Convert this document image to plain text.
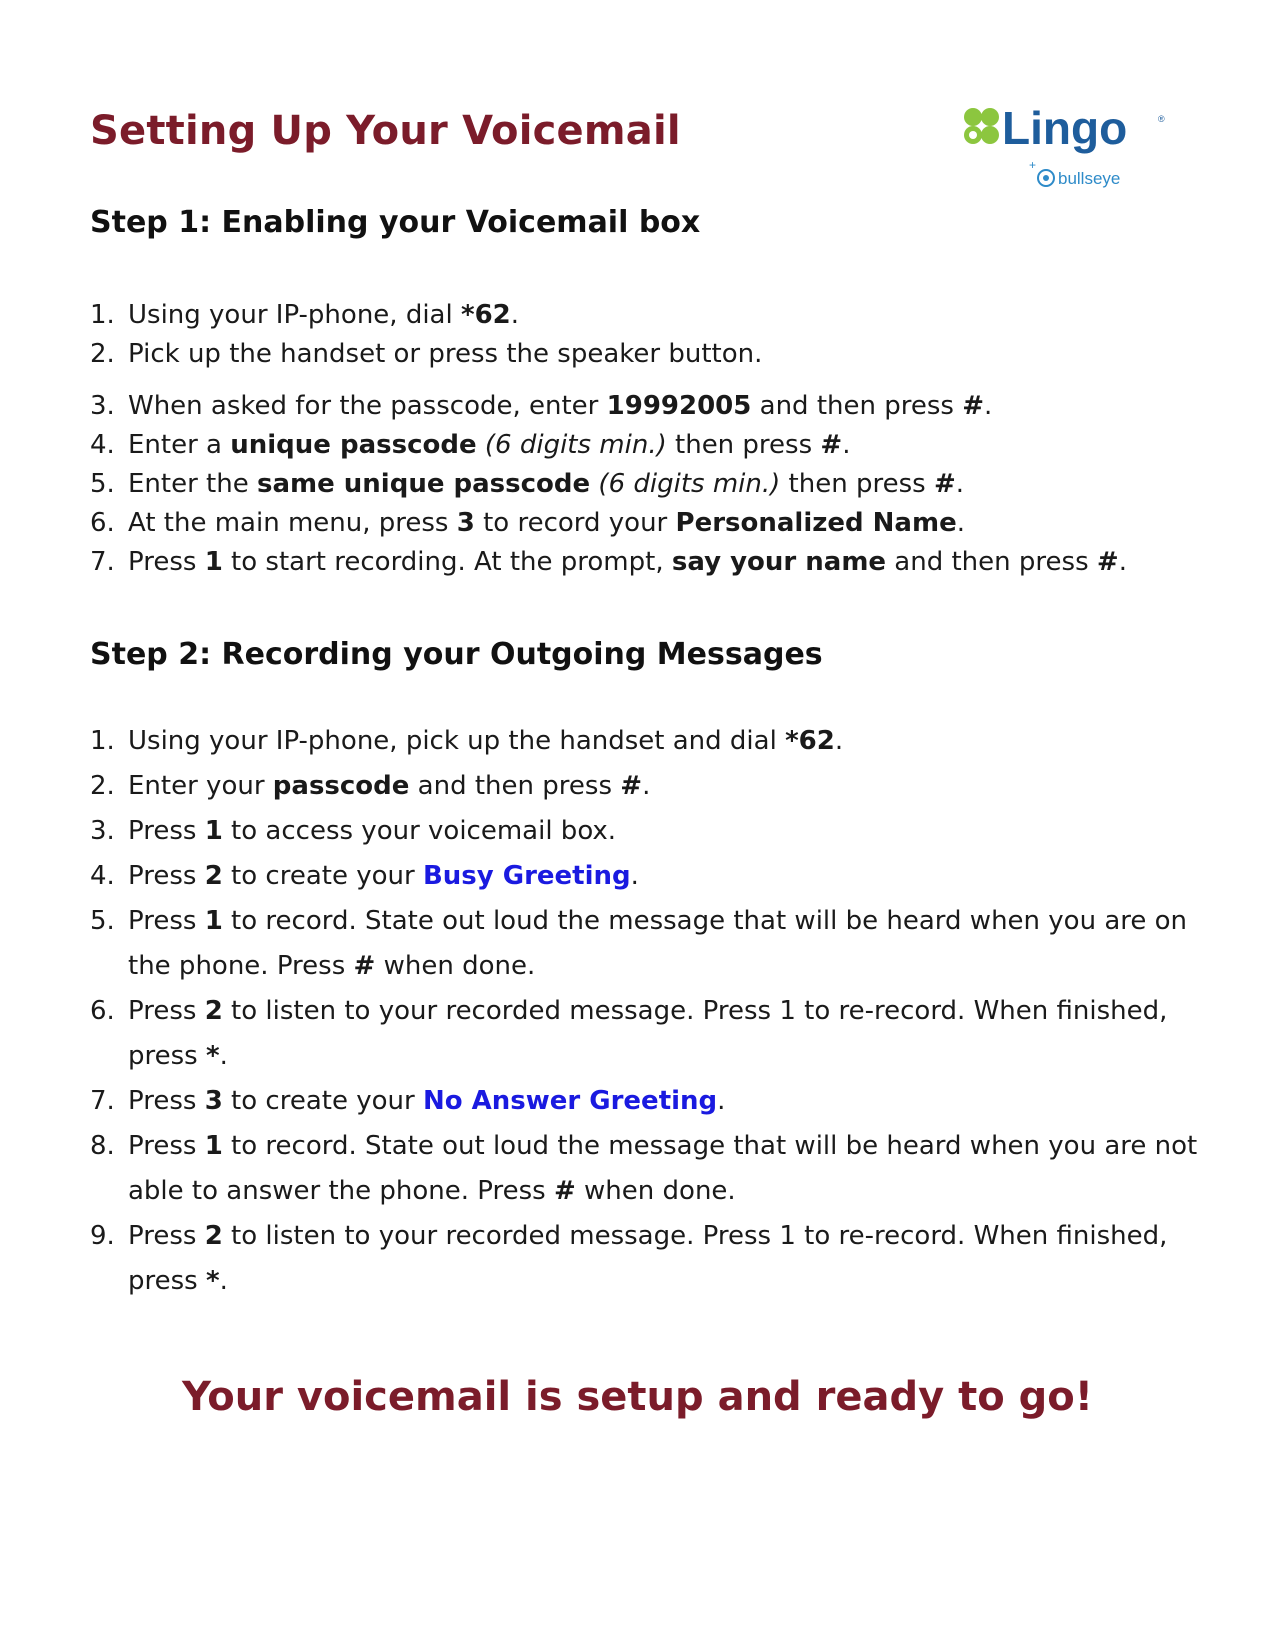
Setting Up Your Voicemail	Lingo	®
+
bullseye
Step 1: Enabling your Voicemail box
1. Using your IP-phone, dial *62.
2. Pick up the handset or press the speaker button.
3. When asked for the passcode, enter 19992005 and then press #.
4. Enter a unique passcode (6 digits min.) then press #.
5. Enter the same unique passcode (6 digits min.) then press #.
6. At the main menu, press 3 to record your Personalized Name.
7. Press 1 to start recording. At the prompt, say your name and then press #.
Step 2: Recording your Outgoing Messages
1. Using your IP-phone, pick up the handset and dial *62.
2. Enter your passcode and then press #.
3. Press 1 to access your voicemail box.
4. Press 2 to create your Busy Greeting.
5. Press 1 to record. State out loud the message that will be heard when you are on the phone. Press # when done.
6. Press 2 to listen to your recorded message. Press 1 to re-record. When finished, press *.
7. Press 3 to create your No Answer Greeting.
8. Press 1 to record. State out loud the message that will be heard when you are not able to answer the phone. Press # when done.
9. Press 2 to listen to your recorded message. Press 1 to re-record. When finished, press *.
Your voicemail is setup and ready to go!
